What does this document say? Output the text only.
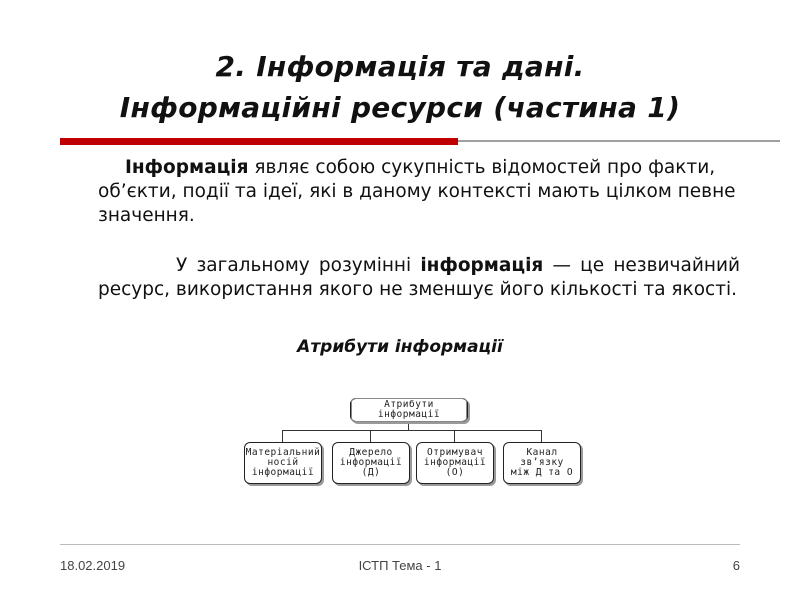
2. Інформація та дані.
Інформаційні ресурси (частина 1)
Інформація являє собою сукупність відомостей про факти, об’єкти, події та ідеї, які в даному контексті мають цілком певне значення.
У загальному розумінні інформація — це незвичайний ресурс, використання якого не зменшує його кількості та якості.
Атрибути інформації
Атрибути інформації
Матеріальний
носій
інформації
Джерело
інформації
(Д)
Отримувач
інформації
(О)
Канал
зв’язку
між Д та О
18.02.2019	ІСТП Тема - 1	6
